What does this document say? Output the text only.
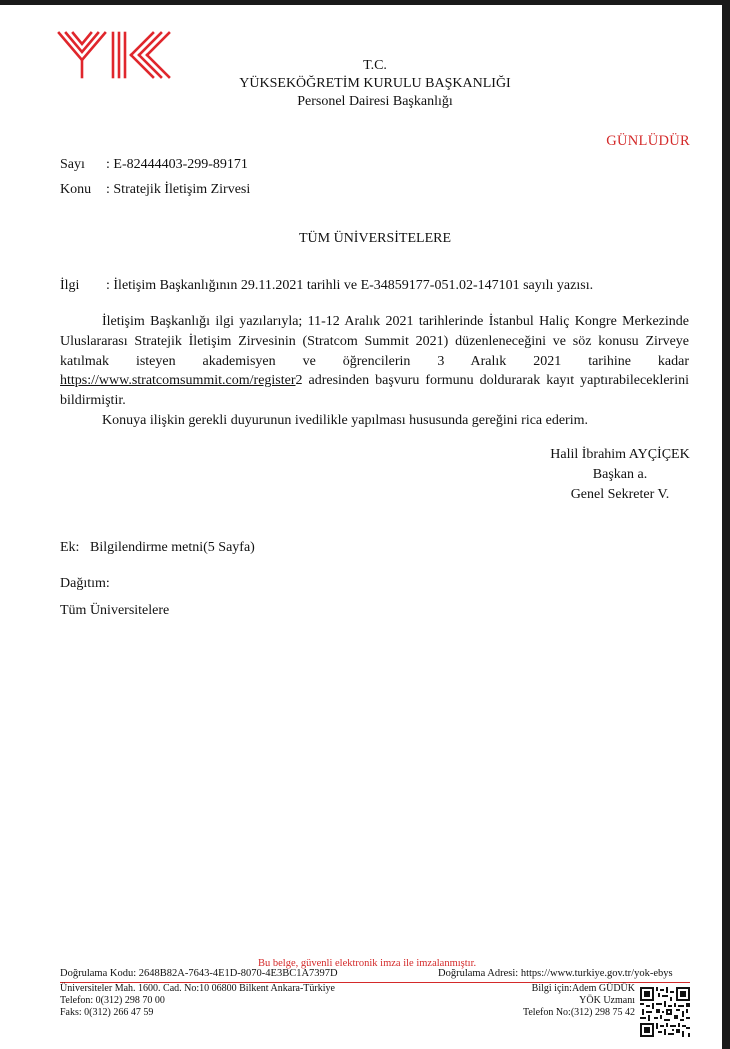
T.C.
YÜKSEKÖĞRETİM KURULU BAŞKANLIĞI
Personel Dairesi Başkanlığı
GÜNLÜDÜR
Sayı : E-82444403-299-89171
Konu : Stratejik İletişim Zirvesi
TÜM ÜNİVERSİTELERE
İlgi : İletişim Başkanlığının 29.11.2021 tarihli ve E-34859177-051.02-147101 sayılı yazısı.

İletişim Başkanlığı ilgi yazılarıyla; 11-12 Aralık 2021 tarihlerinde İstanbul Haliç Kongre Merkezinde Uluslararası Stratejik İletişim Zirvesinin (Stratcom Summit 2021) düzenleneceğini ve söz konusu Zirveye katılmak isteyen akademisyen ve öğrencilerin 3 Aralık 2021 tarihine kadar https://www.stratcomsummit.com/register2 adresinden başvuru formunu doldurarak kayıt yaptırabileceklerini bildirmiştir.

Konuya ilişkin gerekli duyurunun ivedilikle yapılması hususunda gereğini rica ederim.

Halil İbrahim AYÇİÇEK
Başkan a.
Genel Sekreter V.
Ek: Bilgilendirme metni(5 Sayfa)
Dağıtım:
Tüm Üniversitelere
Bu belge, güvenli elektronik imza ile imzalanmıştır.
Doğrulama Kodu: 2648B82A-7643-4E1D-8070-4E3BC1A7397D	Doğrulama Adresi: https://www.turkiye.gov.tr/yok-ebys
Üniversiteler Mah. 1600. Cad. No:10 06800 Bilkent Ankara-Türkiye
Telefon: 0(312) 298 70 00
Faks: 0(312) 266 47 59
Bilgi için:Adem GÜDÜK
YÖK Uzmanı
Telefon No:(312) 298 75 42
